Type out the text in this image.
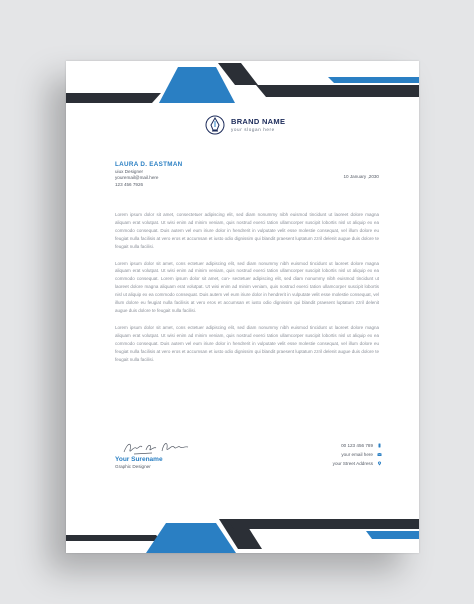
BRAND NAME
your slogan here
LAURA D. EASTMAN
uiux Designer
youremail@mail.here
123 456 7926
10 January ,2030

Lorem ipsum dolor sit amet, consectetuer adipiscing elit, sed diam nonummy nibh euismod tincidunt ut laoreet dolore magna aliquam erat volutpat. Ut wisi enim ad minim veniam, quis nostrud exerci tation ullamcorper suscipit lobortis nisl ut aliquip ex ea commodo consequat. Duis autem vel eum iriure dolor in hendrerit in vulputate velit esse molestie consequat, vel illum dolore eu feugiat nulla facilisis at vero eros et accumsan et iusto odio dignissim qui blandit praesent luptatum zzril delenit augue duis dolore te feugait nulla facilisi.

Lorem ipsum dolor sit amet, cons ectetuer adipiscing elit, sed diam nonummy nibh euismod tincidunt ut laoreet dolore magna aliquam erat volutpat. Ut wisi enim ad minim veniam, quis nostrud exerci tation ullamcorper suscipit lobortis nisl ut aliquip ex ea commodo consequat. Lorem ipsum dolor sit amet, con- sectetuer adipiscing elit, sed diam nonummy nibh euismod tincidunt ut laoreet dolore magna aliquam erat volutpat. Ut wisi enim ad minim veniam, quis nostrud exerci tation ullamcorper suscipit lobortis nisl ut aliquip ex ea commodo consequat. Duis autem vel eum iriure dolor in hendrerit in vulputate velit esse molestie consequat, vel illum dolore eu feugiat nulla facilisis at vero eros et accumsan et iusto odio dignissim qui blandit praesent luptatum zzril delenit augue duis dolore te feugait nulla facilisi.

Lorem ipsum dolor sit amet, cons ectetuer adipiscing elit, sed diam nonummy nibh euismod tincidunt ut laoreet dolore magna aliquam erat volutpat. Ut wisi enim ad minim veniam, quis nostrud exerci tation ullamcorper suscipit lobortis nisl ut aliquip ex ea commodo consequat. Duis autem vel eum iriure dolor in hendrerit in vulputate velit esse molestie consequat, vel illum dolore eu feugiat nulla facilisis at vero eros et accumsan et iusto odio dignissim qui blandit praesent luptatum zzril delenit augue duis dolore te feugait nulla facilisi.

Your Surename
Graphic Designer
00 123 456 789
your email here
your Street Address
